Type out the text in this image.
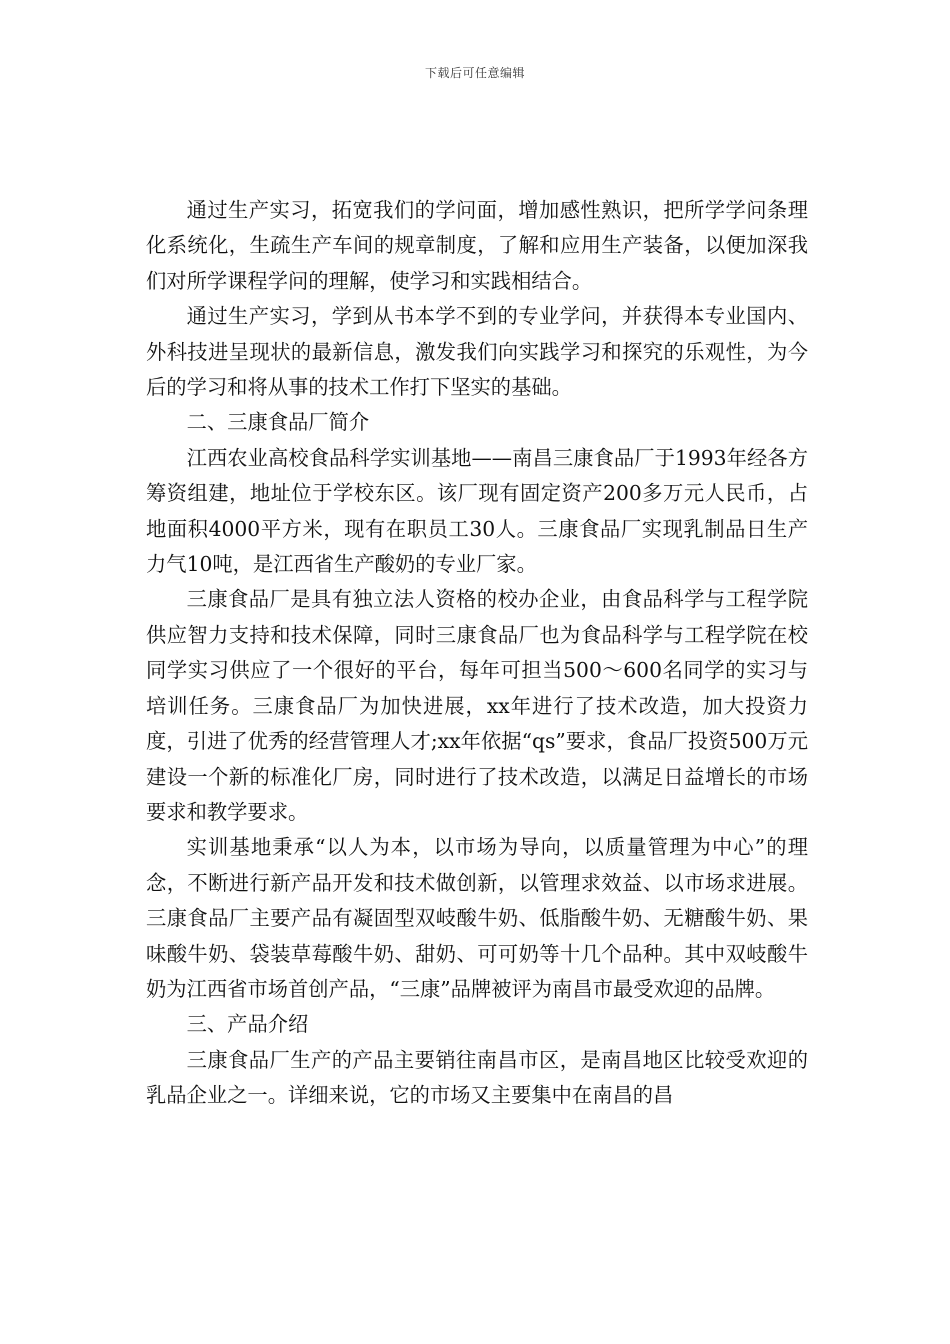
下载后可任意编辑

通过生产实习，拓宽我们的学问面，增加感性熟识，把所学学问条理化系统化，生疏生产车间的规章制度，了解和应用生产装备，以便加深我们对所学课程学问的理解，使学习和实践相结合。

通过生产实习，学到从书本学不到的专业学问，并获得本专业国内、外科技进呈现状的最新信息，激发我们向实践学习和探究的乐观性，为今后的学习和将从事的技术工作打下坚实的基础。

二、三康食品厂简介

江西农业高校食品科学实训基地——南昌三康食品厂于1993年经各方筹资组建，地址位于学校东区。该厂现有固定资产200多万元人民币，占地面积4000平方米，现有在职员工30人。三康食品厂实现乳制品日生产力气10吨，是江西省生产酸奶的专业厂家。

三康食品厂是具有独立法人资格的校办企业，由食品科学与工程学院供应智力支持和技术保障，同时三康食品厂也为食品科学与工程学院在校同学实习供应了一个很好的平台，每年可担当500～600名同学的实习与培训任务。三康食品厂为加快进展，xx年进行了技术改造，加大投资力度，引进了优秀的经营管理人才;xx年依据“qs”要求，食品厂投资500万元建设一个新的标准化厂房，同时进行了技术改造，以满足日益增长的市场要求和教学要求。

实训基地秉承“以人为本，以市场为导向，以质量管理为中心”的理念，不断进行新产品开发和技术做创新，以管理求效益、以市场求进展。三康食品厂主要产品有凝固型双岐酸牛奶、低脂酸牛奶、无糖酸牛奶、果味酸牛奶、袋装草莓酸牛奶、甜奶、可可奶等十几个品种。其中双岐酸牛奶为江西省市场首创产品，“三康”品牌被评为南昌市最受欢迎的品牌。

三、产品介绍

三康食品厂生产的产品主要销往南昌市区，是南昌地区比较受欢迎的乳品企业之一。详细来说，它的市场又主要集中在南昌的昌
